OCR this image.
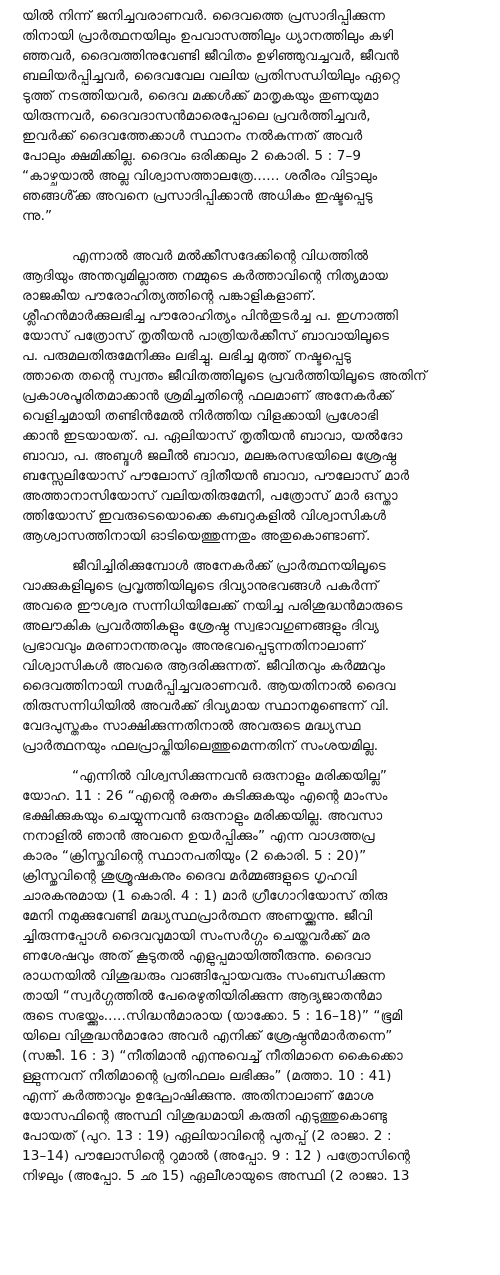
യിൽ നിന്ന് ജനിച്ചവരാണവർ. ദൈവത്തെ പ്രസാദിപ്പിക്കുന്ന
തിനായി പ്രാർത്ഥനയിലും ഉപവാസത്തിലും ധ്യാനത്തിലും കഴി
ഞ്ഞവർ, ദൈവത്തിനുവേണ്ടി ജീവിതം ഉഴിഞ്ഞുവച്ചവർ, ജീവൻ
ബലിയർപ്പിച്ചവർ, ദൈവവേല വലിയ പ്രതിസന്ധിയിലും ഏറ്റെ
ടുത്ത് നടത്തിയവർ, ദൈവ മക്കൾക്ക് മാതൃകയും തുണയുമാ
യിരുന്നവർ, ദൈവദാസൻമാരെപ്പോലെ പ്രവർത്തിച്ചവർ,
ഇവർക്ക് ദൈവത്തേക്കാൾ സ്ഥാനം നൽകുന്നത് അവർ
പോലും ക്ഷമിക്കില്ല. ദൈവം ഒരിക്കലും 2 കൊരി. 5 : 7–9
“കാഴ്ചയാൽ അല്ല വിശ്വാസത്താലത്രേ...... ശരീരം വിട്ടാലും
ഞങ്ങൾ്ക്ക അവനെ പ്രസാദിപ്പിക്കാൻ അധികം ഇഷ്ടപ്പെടു
ന്നു.”
എന്നാൽ അവർ മൽക്കീസദേക്കിന്റെ വിധത്തിൽ
ആദിയും അന്തവുമില്ലാത്ത നമ്മുടെ കർത്താവിന്റെ നിത്യമായ
രാജകീയ പൗരോഹിത്യത്തിന്റെ പങ്കാളികളാണ്.
ശ്ലീഹൻമാർക്കുലഭിച്ച പൗരോഹിത്യം പിൻതുടർച്ച പ. ഇഗ്നാത്തി
യോസ് പത്രോസ് തൃതീയൻ പാത്രിയർക്കീസ് ബാവായിലൂടെ
പ. പരുമലതിരുമേനിക്കും ലഭിച്ചു. ലഭിച്ച മുത്ത് നഷ്ടപ്പെടു
ത്താതെ തന്റെ സ്വന്തം ജീവിതത്തിലൂടെ പ്രവർത്തിയിലൂടെ അതിന്
പ്രകാശപൂരിതമാക്കാൻ ശ്രമിച്ചതിന്റെ ഫലമാണ് അനേകർക്ക്
വെളിച്ചമായി തണ്ടിൻമേൽ നിർത്തിയ വിളക്കായി പ്രശോഭി
ക്കാൻ ഇടയായത്. പ. ഏലിയാസ് തൃതീയൻ ബാവാ, യൽദോ
ബാവാ, പ. അബ്ദുൾ ജലീൽ ബാവാ, മലങ്കരസഭയിലെ ശ്രേഷ്ഠ
ബസ്സേലിയോസ് പൗലോസ് ദ്വിതീയൻ ബാവാ, പൗലോസ് മാർ
അത്താനാസിയോസ് വലിയതിരുമേനി, പത്രോസ് മാർ ഒസ്താ
ത്തിയോസ് ഇവരുടെയൊക്കെ കബറുകളിൽ വിശ്വാസികൾ
ആശ്വാസത്തിനായി ഓടിയെത്തുന്നതും അതുകൊണ്ടാണ്.
ജീവിച്ചിരിക്കുമ്പോൾ അനേകർക്ക് പ്രാർത്ഥനയിലൂടെ
വാക്കുകളിലൂടെ പ്രവൃത്തിയിലൂടെ ദിവ്യാനുഭവങ്ങൾ പകർന്ന്
അവരെ ഈശ്വര സന്നിധിയിലേക്ക് നയിച്ച പരിശുദ്ധൻമാരുടെ
അലൗകിക പ്രവർത്തികളും ശ്രേഷ്ഠ സ്വഭാവഗുണങ്ങളും ദിവ്യ
പ്രഭാവവും മരണാനന്തരവും അനുഭവപ്പെടുന്നതിനാലാണ്
വിശ്വാസികൾ അവരെ ആദരിക്കുന്നത്. ജീവിതവും കർമ്മവും
ദൈവത്തിനായി സമർപ്പിച്ചവരാണവർ. ആയതിനാൽ ദൈവ
തിരുസന്നിധിയിൽ അവർക്ക് ദിവ്യമായ സ്ഥാനമുണ്ടെന്ന് വി.
വേദപുസ്തകം സാക്ഷിക്കുന്നതിനാൽ അവരുടെ മദ്ധ്യസ്ഥ
പ്രാർത്ഥനയും ഫലപ്രാപ്തിയിലെത്തുമെന്നതിന് സംശയമില്ല.
“എന്നിൽ വിശ്വസിക്കുന്നവൻ ഒരുനാളും മരിക്കയില്ല”
യോഹ. 11 : 26 “എന്റെ രക്തം കുടിക്കുകയും എന്റെ മാംസം
ഭക്ഷിക്കുകയും ചെയ്യുന്നവൻ ഒരുനാളും മരിക്കയില്ല. അവസാ
നനാളിൽ ഞാൻ അവനെ ഉയർപ്പിക്കും” എന്ന വാഗ്ദത്തപ്ര
കാരം “ക്രിസ്തുവിന്റെ സ്ഥാനപതിയും (2 കൊരി. 5 : 20)”
ക്രിസ്തുവിന്റെ ശുശ്രൂഷകനും ദൈവ മർമ്മങ്ങളുടെ ഗൃഹവി
ചാരകനുമായ (1 കൊരി. 4 : 1) മാർ ഗ്രീഗോറിയോസ് തിരു
മേനി നമുക്കുവേണ്ടി മദ്ധ്യസ്ഥപ്രാർത്ഥന അണയ്ക്കുന്നു. ജീവി
ച്ചിരുന്നപ്പോൾ ദൈവവുമായി സംസർഗ്ഗം ചെയ്തവർക്ക് മര
ണശേഷവും അത് കൂടുതൽ എളുപ്പമായിത്തീരുന്നു. ദൈവാ
രാധനയിൽ വിശുദ്ധരും വാങ്ങിപ്പോയവരും സംബന്ധിക്കുന്ന
തായി “സ്വർഗ്ഗത്തിൽ പേരെഴുതിയിരിക്കുന്ന ആദ്യജാതൻമാ
രുടെ സഭയ്ക്കും.....സിദ്ധൻമാരായ (യാക്കോ. 5 : 16–18)” “ഭൂമി
യിലെ വിശുദ്ധൻമാരോ അവർ എനിക്ക് ശ്രേഷ്ഠൻമാർതന്നെ”
(സങ്കീ. 16 : 3) “നീതിമാൻ എന്നുവെച്ച് നീതിമാനെ കൈക്കൊ
ള്ളുന്നവന് നീതിമാന്റെ പ്രതിഫലം ലഭിക്കും” (മത്താ. 10 : 41)
എന്ന് കർത്താവും ഉദ്ഘോഷിക്കുന്നു. അതിനാലാണ് മോശ
യോസഫിന്റെ അസ്ഥി വിശുദ്ധമായി കരുതി എടുത്തുകൊണ്ടു
പോയത് (പുറ. 13 : 19) ഏലിയാവിന്റെ പുതപ്പ് (2 രാജാ. 2 :
13–14) പൗലോസിന്റെ റുമാൽ (അപ്പോ. 9 : 12 ) പത്രോസിന്റെ
നിഴലും (അപ്പോ. 5 ഛ 15) ഏലീശായുടെ അസ്ഥി (2 രാജാ. 13
